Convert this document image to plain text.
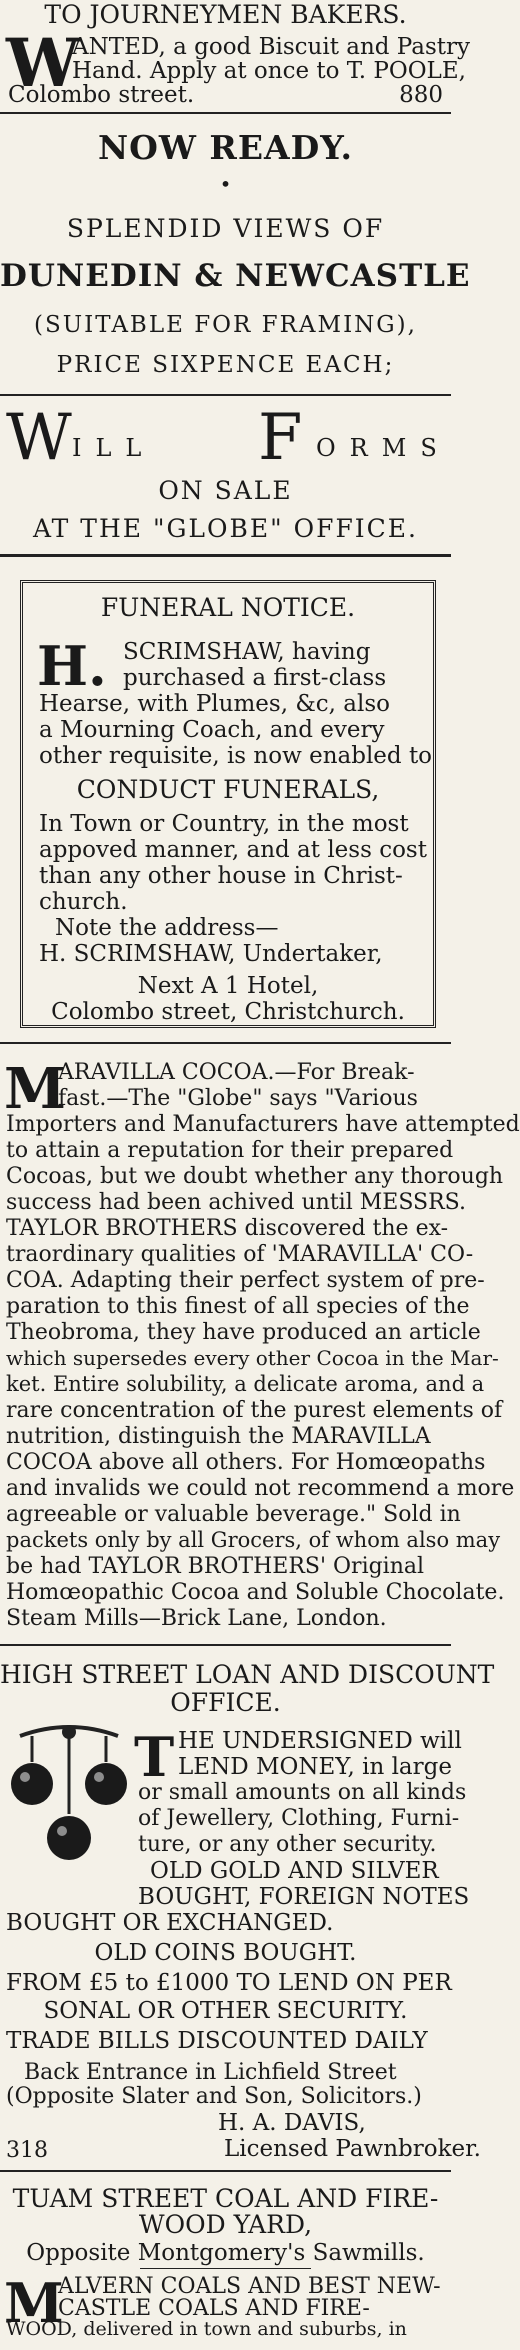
TO JOURNEYMEN BAKERS.
W
ANTED, a good Biscuit and Pastry
Hand. Apply at once to T. POOLE,
Colombo street.	880
NOW READY.
•
SPLENDID VIEWS OF
DUNEDIN & NEWCASTLE
(SUITABLE FOR FRAMING),
PRICE SIXPENCE EACH;
W ILL	F ORMS
ON SALE
AT THE "GLOBE" OFFICE.
FUNERAL NOTICE.
H. SCRIMSHAW, having
purchased a first-class
Hearse, with Plumes, &c, also
a Mourning Coach, and every
other requisite, is now enabled to
CONDUCT FUNERALS,
In Town or Country, in the most
appoved manner, and at less cost
than any other house in Christ-
church.
Note the address—
H. SCRIMSHAW, Undertaker,
Next A 1 Hotel,
Colombo street, Christchurch.
M
ARAVILLA COCOA.—For Break-
fast.—The "Globe" says "Various
Importers and Manufacturers have attempted
to attain a reputation for their prepared
Cocoas, but we doubt whether any thorough
success had been achived until MESSRS.
TAYLOR BROTHERS discovered the ex-
traordinary qualities of 'MARAVILLA' CO-
COA. Adapting their perfect system of pre-
paration to this finest of all species of the
Theobroma, they have produced an article
which supersedes every other Cocoa in the Mar-
ket. Entire solubility, a delicate aroma, and a
rare concentration of the purest elements of
nutrition, distinguish the MARAVILLA
COCOA above all others. For Homœopaths
and invalids we could not recommend a more
agreeable or valuable beverage." Sold in
packets only by all Grocers, of whom also may
be had TAYLOR BROTHERS' Original
Homœopathic Cocoa and Soluble Chocolate.
Steam Mills—Brick Lane, London.
HIGH STREET LOAN AND DISCOUNT
OFFICE.
T HE UNDERSIGNED will
LEND MONEY, in large
or small amounts on all kinds
of Jewellery, Clothing, Furni-
ture, or any other security.
OLD GOLD AND SILVER
BOUGHT, FOREIGN NOTES
BOUGHT OR EXCHANGED.
OLD COINS BOUGHT.
FROM £5 to £1000 TO LEND ON PER
SONAL OR OTHER SECURITY.
TRADE BILLS DISCOUNTED DAILY
Back Entrance in Lichfield Street
(Opposite Slater and Son, Solicitors.)
H. A. DAVIS,
318	Licensed Pawnbroker.
TUAM STREET COAL AND FIRE-
WOOD YARD,
Opposite Montgomery's Sawmills.
M
ALVERN COALS AND BEST NEW-
CASTLE COALS AND FIRE-
WOOD, delivered in town and suburbs, in
